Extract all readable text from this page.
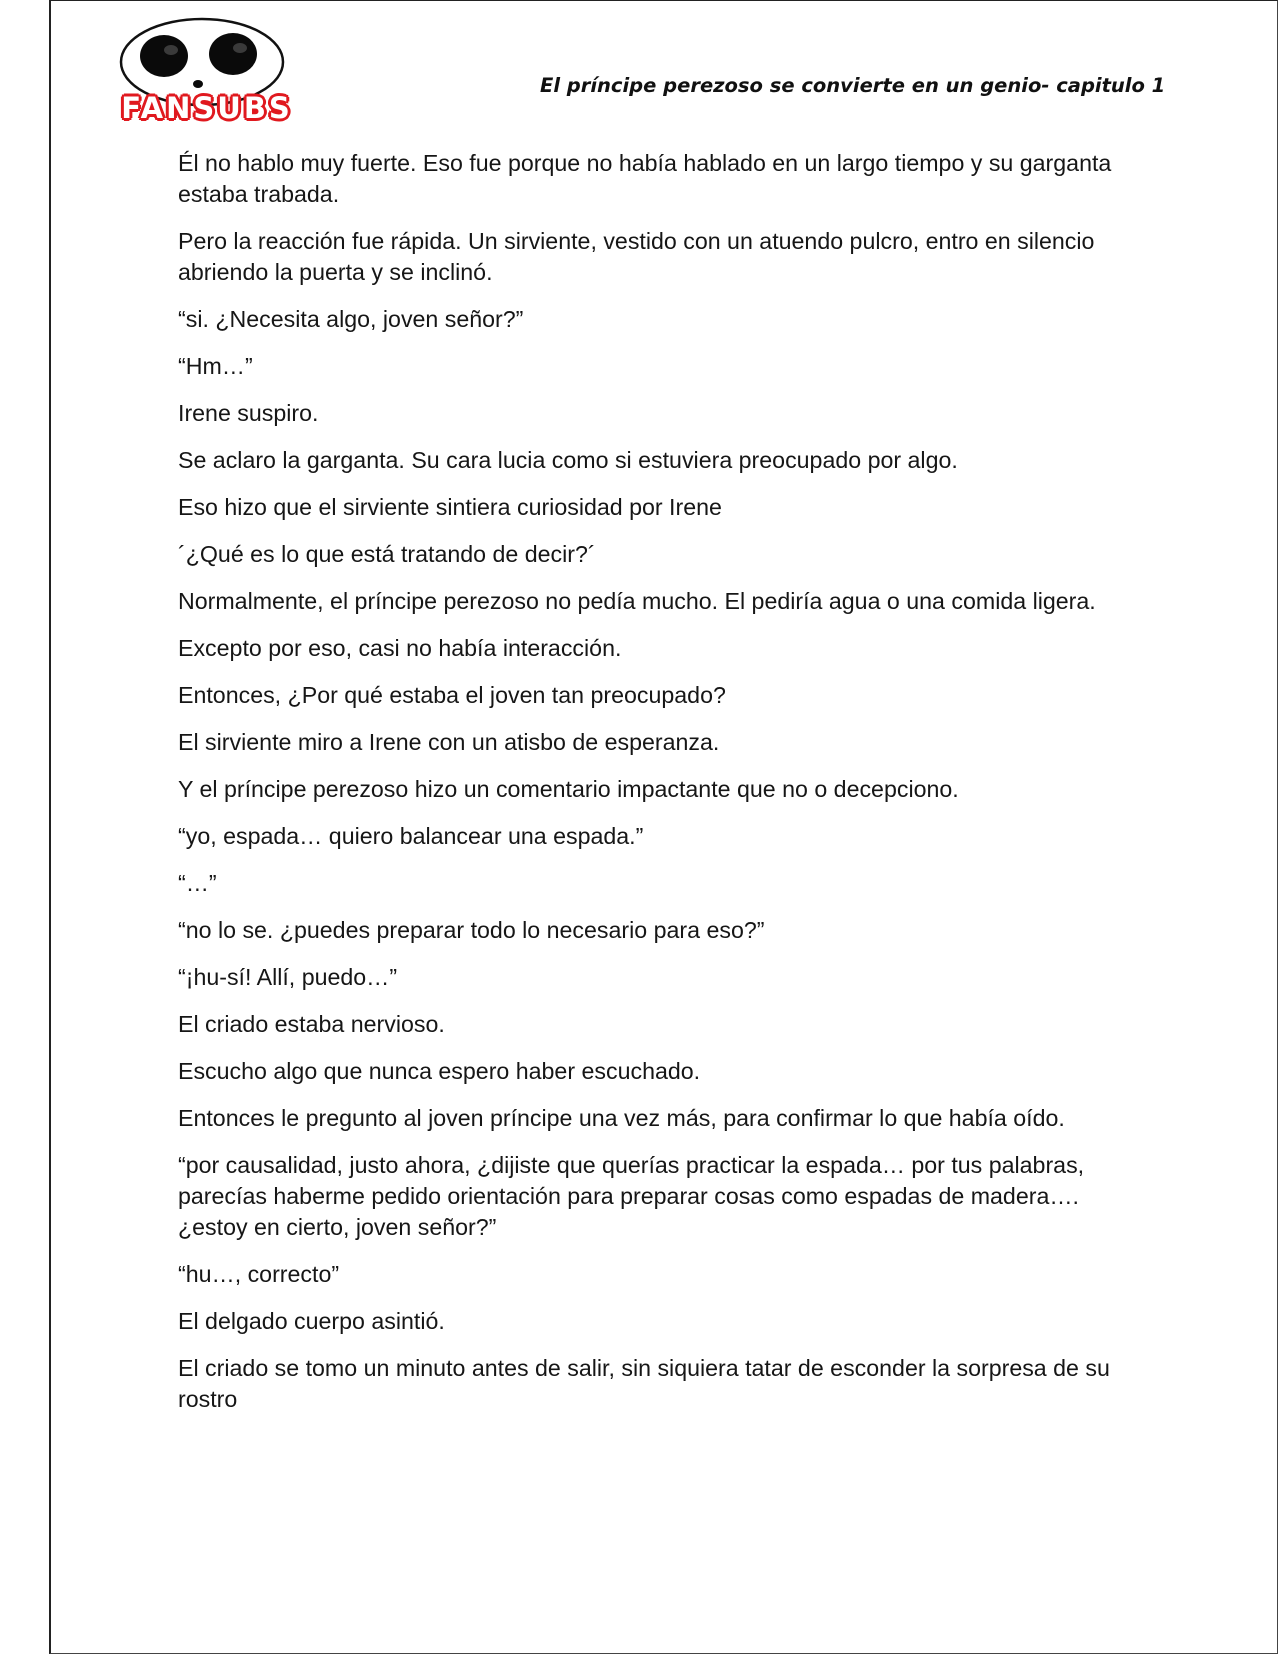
FANSUBS
El príncipe perezoso se convierte en un genio- capitulo 1

Él no hablo muy fuerte. Eso fue porque no había hablado en un largo tiempo y su garganta estaba trabada.

Pero la reacción fue rápida. Un sirviente, vestido con un atuendo pulcro, entro en silencio abriendo la puerta y se inclinó.

“si. ¿Necesita algo, joven señor?”

“Hm…”

Irene suspiro.

Se aclaro la garganta. Su cara lucia como si estuviera preocupado por algo.

Eso hizo que el sirviente sintiera curiosidad por Irene

´¿Qué es lo que está tratando de decir?´

Normalmente, el príncipe perezoso no pedía mucho. El pediría agua o una comida ligera.

Excepto por eso, casi no había interacción.

Entonces, ¿Por qué estaba el joven tan preocupado?

El sirviente miro a Irene con un atisbo de esperanza.

Y el príncipe perezoso hizo un comentario impactante que no o decepciono.

“yo, espada… quiero balancear una espada.”

“…”

“no lo se. ¿puedes preparar todo lo necesario para eso?”

“¡hu-sí! Allí, puedo…”

El criado estaba nervioso.

Escucho algo que nunca espero haber escuchado.

Entonces le pregunto al joven príncipe una vez más, para confirmar lo que había oído.

“por causalidad, justo ahora, ¿dijiste que querías practicar la espada… por tus palabras, parecías haberme pedido orientación para preparar cosas como espadas de madera…. ¿estoy en cierto, joven señor?”

“hu…, correcto”

El delgado cuerpo asintió.

El criado se tomo un minuto antes de salir, sin siquiera tatar de esconder la sorpresa de su rostro
